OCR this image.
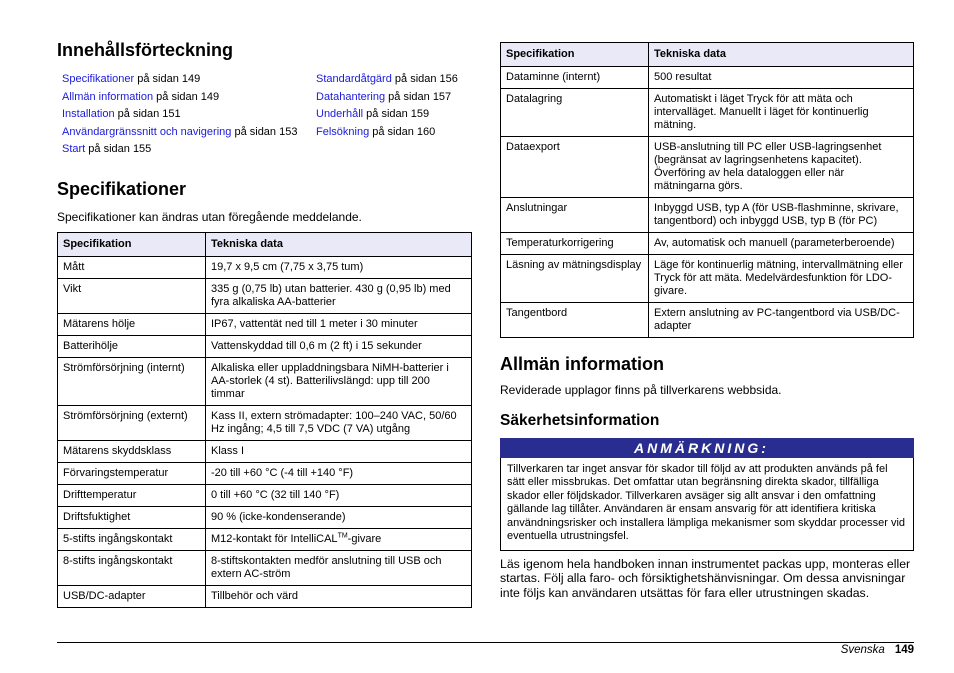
Innehållsförteckning
Specifikationer på sidan 149	Standardåtgärd på sidan 156
Allmän information på sidan 149	Datahantering på sidan 157
Installation på sidan 151	Underhåll på sidan 159
Användargränssnitt och navigering på sidan 153	Felsökning på sidan 160
Start på sidan 155
Specifikationer

Specifikationer kan ändras utan föregående meddelande.

Specifikation	Tekniska data
Mått	19,7 x 9,5 cm (7,75 x 3,75 tum)
Vikt	335 g (0,75 lb) utan batterier. 430 g (0,95 lb) med fyra alkaliska AA-batterier
Mätarens hölje	IP67, vattentät ned till 1 meter i 30 minuter
Batterihölje	Vattenskyddad till 0,6 m (2 ft) i 15 sekunder
Strömförsörjning (internt)	Alkaliska eller uppladdningsbara NiMH-batterier i AA-storlek (4 st). Batterilivslängd: upp till 200 timmar
Strömförsörjning (externt)	Kass II, extern strömadapter: 100–240 VAC, 50/60 Hz ingång; 4,5 till 7,5 VDC (7 VA) utgång
Mätarens skyddsklass	Klass I
Förvaringstemperatur	-20 till +60 °C (-4 till +140 °F)
Drifttemperatur	0 till +60 °C (32 till 140 °F)
Driftsfuktighet	90 % (icke-kondenserande)
5-stifts ingångskontakt	M12-kontakt för IntelliCAL™-givare
8-stifts ingångskontakt	8-stiftskontakten medför anslutning till USB och extern AC-ström
USB/DC-adapter	Tillbehör och värd
Specifikation	Tekniska data
Dataminne (internt)	500 resultat
Datalagring	Automatiskt i läget Tryck för att mäta och intervalläget. Manuellt i läget för kontinuerlig mätning.
Dataexport	USB-anslutning till PC eller USB-lagringsenhet (begränsat av lagringsenhetens kapacitet). Överföring av hela dataloggen eller när mätningarna görs.
Anslutningar	Inbyggd USB, typ A (för USB-flashminne, skrivare, tangentbord) och inbyggd USB, typ B (för PC)
Temperaturkorrigering	Av, automatisk och manuell (parameterberoende)
Läsning av mätningsdisplay	Läge för kontinuerlig mätning, intervallmätning eller Tryck för att mäta. Medelvärdesfunktion för LDO-givare.
Tangentbord	Extern anslutning av PC-tangentbord via USB/DC-adapter
Allmän information

Reviderade upplagor finns på tillverkarens webbsida.

Säkerhetsinformation
ANMÄRKNING:
Tillverkaren tar inget ansvar för skador till följd av att produkten används på fel sätt eller missbrukas. Det omfattar utan begränsning direkta skador, tillfälliga skador eller följdskador. Tillverkaren avsäger sig allt ansvar i den omfattning gällande lag tillåter. Användaren är ensam ansvarig för att identifiera kritiska användningsrisker och installera lämpliga mekanismer som skyddar processer vid eventuella utrustningsfel.

Läs igenom hela handboken innan instrumentet packas upp, monteras eller startas. Följ alla faro- och försiktighetshänvisningar. Om dessa anvisningar inte följs kan användaren utsättas för fara eller utrustningen skadas.

Svenska 149
